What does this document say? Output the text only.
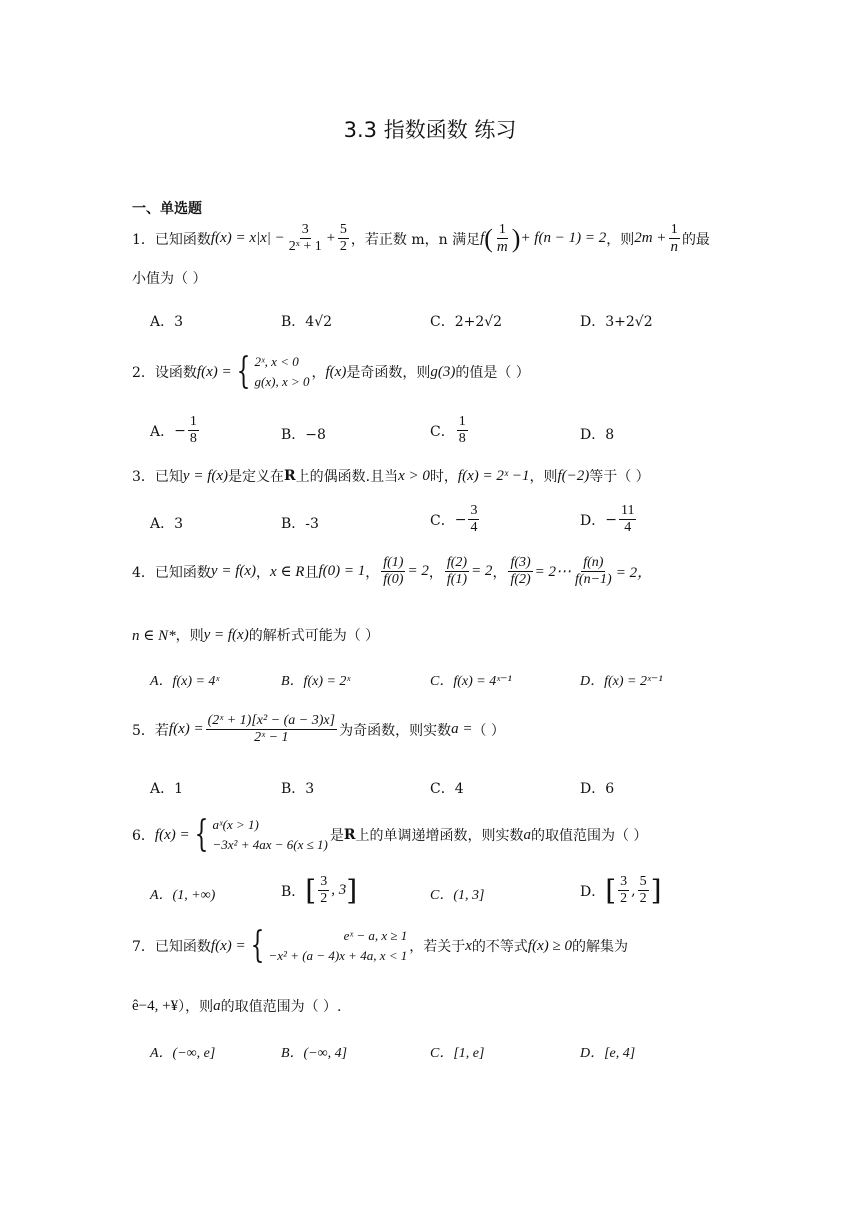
3.3 指数函数 练习
一、单选题
1． 已知函数 $f(x) = x|x| - \frac{3}{\text{2ˣ + 1}} + \frac{5}{2}$ ，若正数 m，n 满足 f ( $\frac{1}{m}$ ) + f(n − 1) = 2 ，则 $2m + \frac{1}{n}$ 的最
小值为（ ）
A．3	B．4√2	C．2+2√2	D．3+2√2
2． 设函数 f(x) = { 2ˣ, x < 0
g(x), x > 0
， f(x) 是奇函数，则 g(3) 的值是（ ）
A． − $\frac{1}{8}$	B．−8	C． $\frac{1}{8}$	D．8
3． 已知 y = f(x) 是定义在 R 上的偶函数.且当 x > 0 时， f(x) = 2ˣ −1 ，则 f(−2) 等于（ ）
A．3	B．-3	C． − $\frac{3}{4}$	D． − $\frac{11}{4}$
4． 已知函数 y = f(x) ， x ∈ R 且 f(0) = 1 ， $\frac{f(1)}{f(0)} = 2$ ， $\frac{f(2)}{f(1)} = 2$ ， $\frac{f(3)}{f(2)}$ = 2⋯ $\frac{f(n)}{f(n-1)} = 2$，
n ∈ N* ，则 y = f(x) 的解析式可能为（ ）
A．f(x) = 4ˣ	B．f(x) = 2ˣ	C．f(x) = 4ˣ⁻¹	D．f(x) = 2ˣ⁻¹
5． 若 $f(x) = \frac{\text{(2ˣ + 1)[x² − (a − 3)x]}}{\text{2ˣ − 1}}$ 为奇函数，则实数 a = （ ）
A．1	B．3	C．4	D．6
6． f(x) = { aˣ(x > 1)
−3x² + 4ax − 6(x ≤ 1)
是 R 上的单调递增函数，则实数 a 的取值范围为（ ）
A．(1, +∞)	B． [ $\frac{3}{2}$ , 3 ]	C．(1, 3]	D． [ $\frac{3}{2}$ , $\frac{5}{2}$ ]
7． 已知函数 f(x) = {	eˣ − a, x ≥ 1
−x² + (a − 4)x + 4a, x < 1
，若关于 x 的不等式 f(x) ≥ 0 的解集为
ê−4, +¥ ），则 a 的取值范围为（ ）.
A．(−∞, e]	B．(−∞, 4]	C．[1, e]	D．[e, 4]
